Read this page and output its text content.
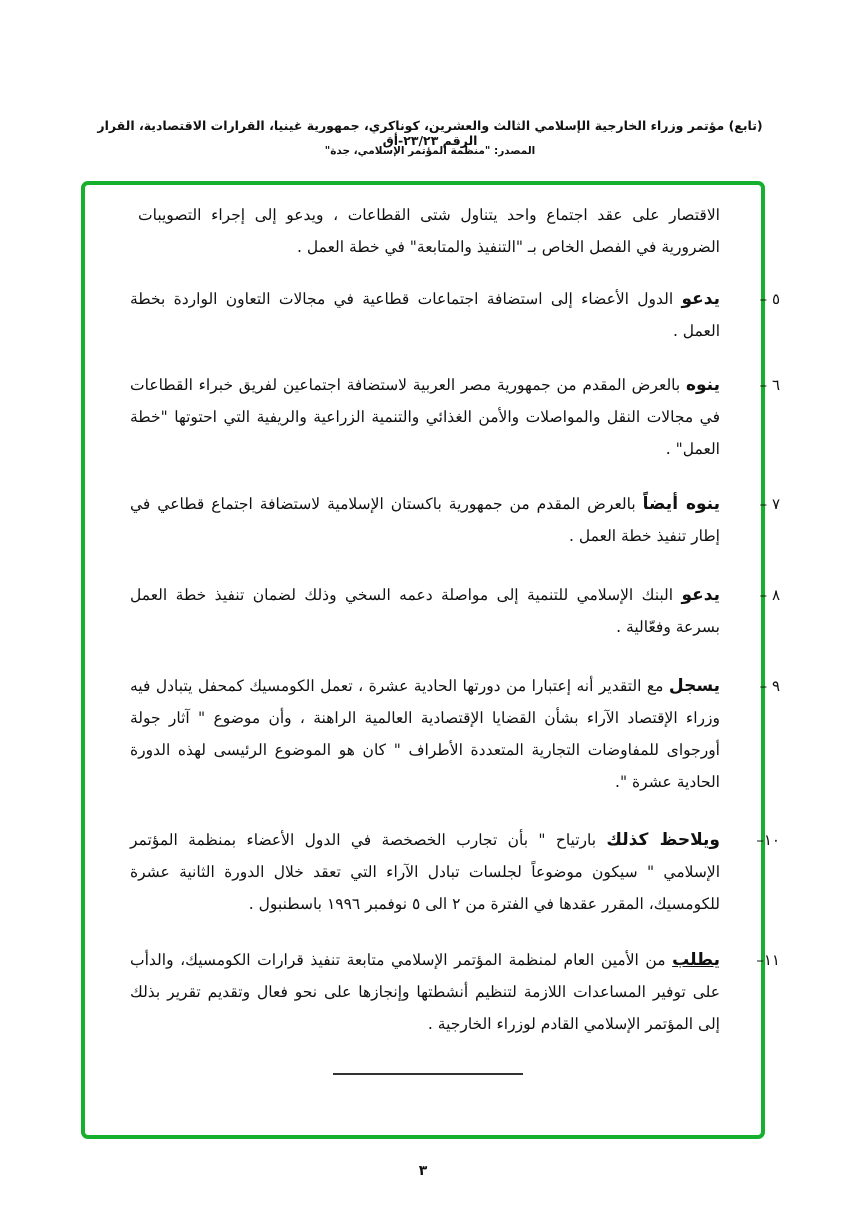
(تابع) مؤتمر وزراء الخارجية الإسلامي الثالث والعشرين، كوناكري، جمهورية غينيا، القرارات الاقتصادية، القرار الرقم ٢٣/٢٣-أق
المصدر: "منظمة المؤتمر الإسلامي، جدة"
الاقتصار على عقد اجتماع واحد يتناول شتى القطاعات ، ويدعو إلى إجراء التصويبات الضرورية في الفصل الخاص بـ "التنفيذ والمتابعة" في خطة العمل .
٥ –
يدعو الدول الأعضاء إلى استضافة اجتماعات قطاعية في مجالات التعاون الواردة بخطة العمل .
٦ –
ينوه بالعرض المقدم من جمهورية مصر العربية لاستضافة اجتماعين لفريق خبراء القطاعات في مجالات النقل والمواصلات والأمن الغذائي والتنمية الزراعية والريفية التي احتوتها "خطة العمل" .
٧ –
ينوه أيضاً بالعرض المقدم من جمهورية باكستان الإسلامية لاستضافة اجتماع قطاعي في إطار تنفيذ خطة العمل .
٨ –
يدعو البنك الإسلامي للتنمية إلى مواصلة دعمه السخي وذلك لضمان تنفيذ خطة العمل بسرعة وفعّالية .
٩ –
يسجل مع التقدير أنه إعتبارا من دورتها الحادية عشرة ، تعمل الكومسيك كمحفل يتبادل فيه وزراء الإقتصاد الآراء بشأن القضايا الإقتصادية العالمية الراهنة ، وأن موضوع " آثار جولة أورجواى للمفاوضات التجارية المتعددة الأطراف " كان هو الموضوع الرئيسى لهذه الدورة الحادية عشرة ".
١٠–
ويلاحظ كذلك بارتياح " بأن تجارب الخصخصة في الدول الأعضاء بمنظمة المؤتمر الإسلامي " سيكون موضوعاً لجلسات تبادل الآراء التي تعقد خلال الدورة الثانية عشرة للكومسيك، المقرر عقدها في الفترة من ٢ الى ٥ نوفمبر ١٩٩٦ باسطنبول .
١١–
يطلب من الأمين العام لمنظمة المؤتمر الإسلامي متابعة تنفيذ قرارات الكومسيك، والدأب على توفير المساعدات اللازمة لتنظيم أنشطتها وإنجازها على نحو فعال وتقديم تقرير بذلك إلى المؤتمر الإسلامي القادم لوزراء الخارجية .
٣
